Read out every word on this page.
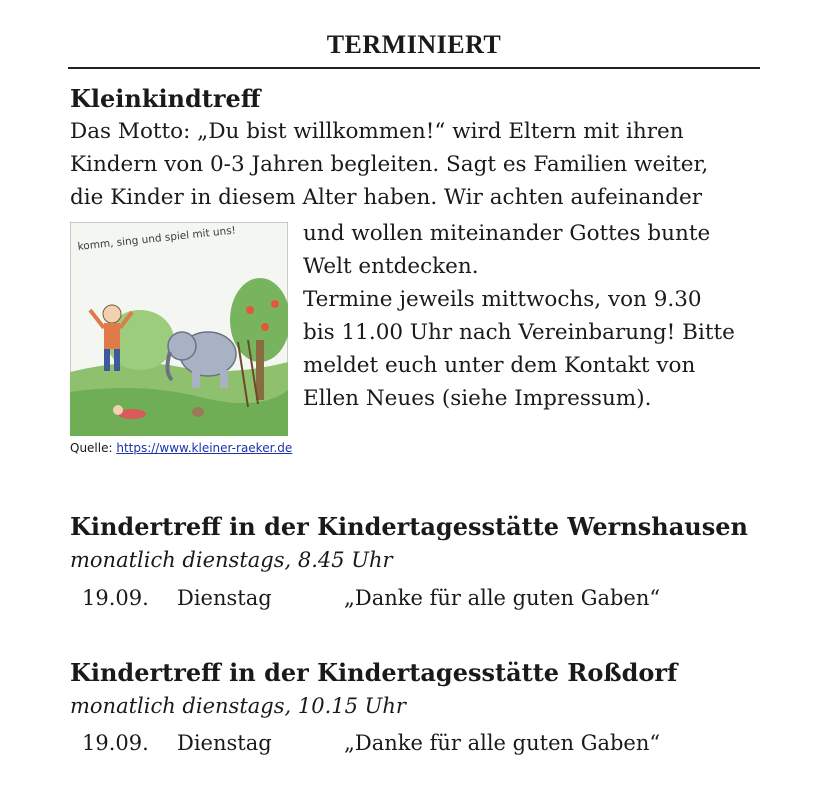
TERMINIERT
Kleinkindtreff
Das Motto: „Du bist willkommen!“ wird Eltern mit ihren
Kindern von 0-3 Jahren begleiten. Sagt es Familien weiter,
die Kinder in diesem Alter haben. Wir achten aufeinander
komm, sing und spiel mit uns!	und wollen miteinander Gottes bunte
Welt entdecken.
Termine jeweils mittwochs, von 9.30
bis 11.00 Uhr nach Vereinbarung! Bitte
meldet euch unter dem Kontakt von
Ellen Neues (siehe Impressum).
Quelle: https://www.kleiner-raeker.de
Kindertreff in der Kindertagesstätte Wernshausen
monatlich dienstags, 8.45 Uhr
19.09. Dienstag	„Danke für alle guten Gaben“
Kindertreff in der Kindertagesstätte Roßdorf
monatlich dienstags, 10.15 Uhr
19.09. Dienstag	„Danke für alle guten Gaben“
